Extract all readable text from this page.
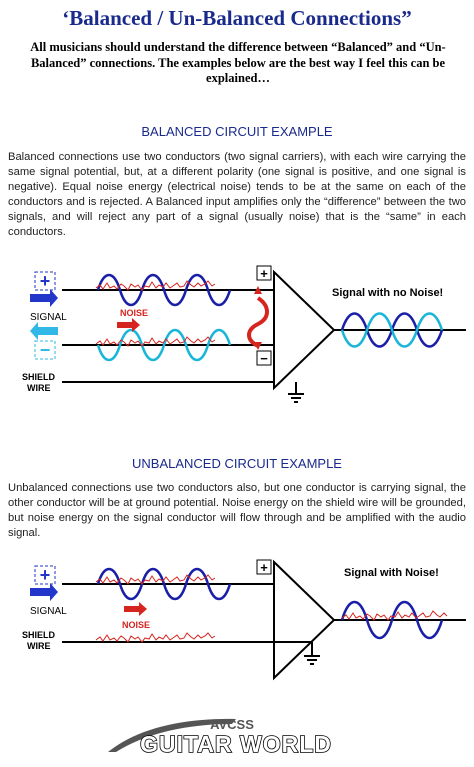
‘Balanced / Un-Balanced Connections”
All musicians should understand the difference between “Balanced” and “Un-Balanced” connections. The examples below are the best way I feel this can be explained…
BALANCED CIRCUIT EXAMPLE
Balanced connections use two conductors (two signal carriers), with each wire carrying the same signal potential, but, at a different polarity (one signal is positive, and one signal is negative). Equal noise energy (electrical noise) tends to be at the same on each of the conductors and is rejected. A Balanced input amplifies only the “difference” between the two signals, and will reject any part of a signal (usually noise) that is the “same” in each conductors.
+
SIGNAL
−
SHIELD
WIRE
NOISE
+
−
Signal with no Noise!
UNBALANCED CIRCUIT EXAMPLE
Unbalanced connections use two conductors also, but one conductor is carrying signal, the other conductor will be at ground potential. Noise energy on the shield wire will be grounded, but noise energy on the signal conductor will flow through and be amplified with the audio signal.
+
SIGNAL
SHIELD
WIRE
NOISE
+	Signal with Noise!
AVCSS
GUITAR WORLD
